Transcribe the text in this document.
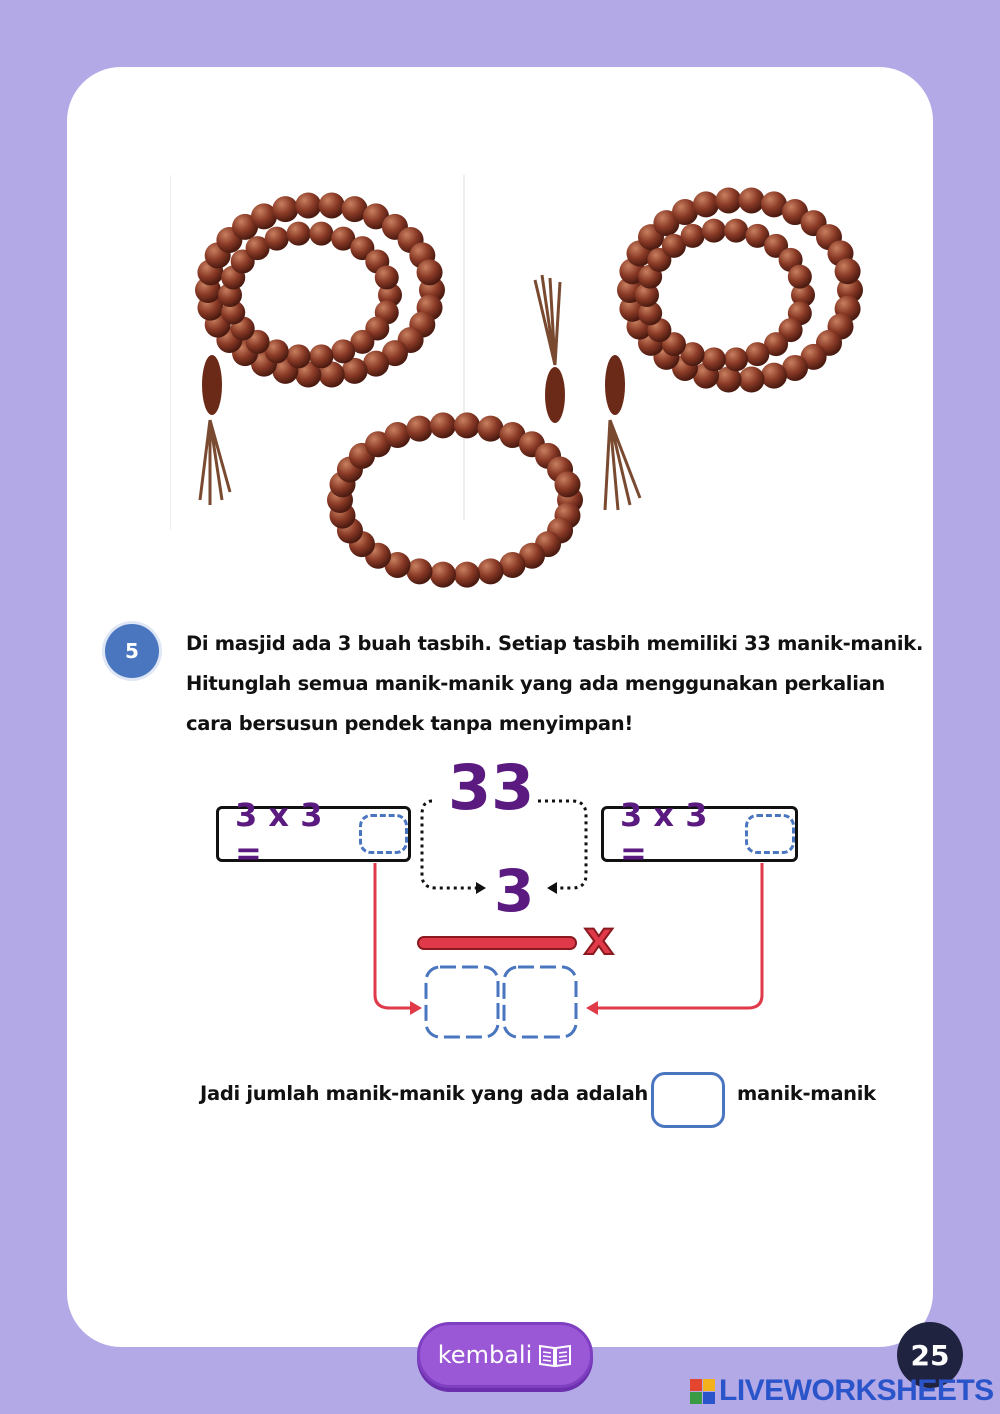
5	Di masjid ada 3 buah tasbih. Setiap tasbih memiliki 33 manik-manik.
Hitunglah semua manik-manik yang ada menggunakan perkalian
cara bersusun pendek tanpa menyimpan!
3 x 3 =
3 x 3 =
33
3
x
Jadi jumlah manik-manik yang ada adalah	manik-manik
kembali	25
LIVEWORKSHEETS
